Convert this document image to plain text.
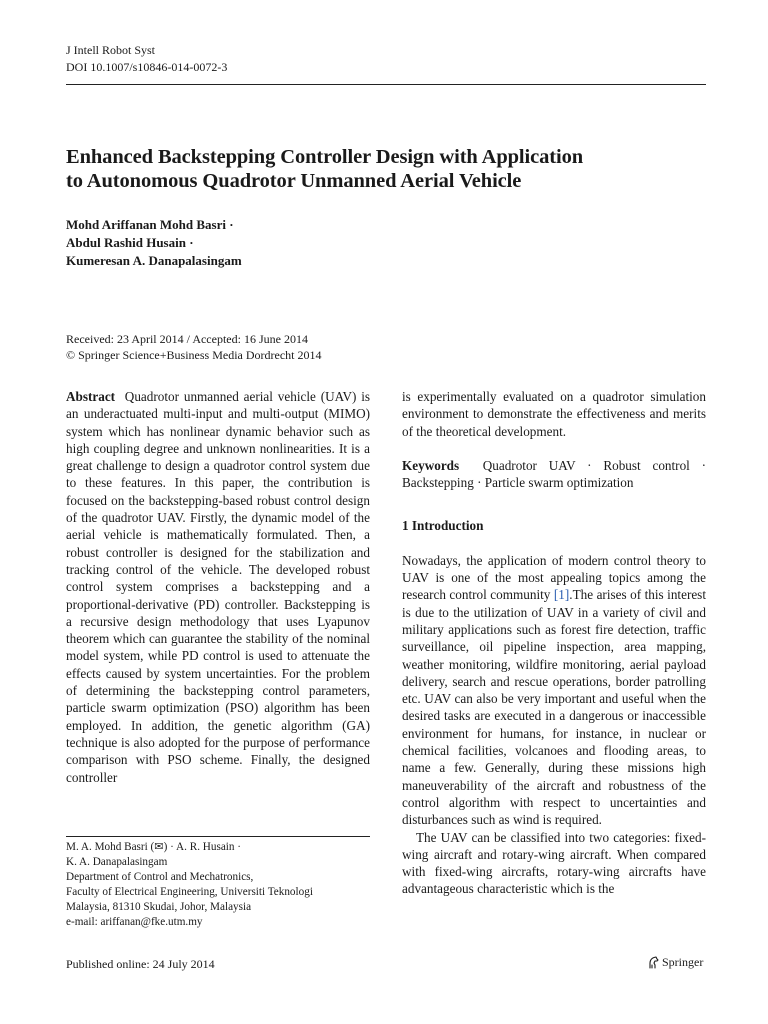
J Intell Robot Syst
DOI 10.1007/s10846-014-0072-3
Enhanced Backstepping Controller Design with Application
to Autonomous Quadrotor Unmanned Aerial Vehicle
Mohd Ariffanan Mohd Basri ·
Abdul Rashid Husain ·
Kumeresan A. Danapalasingam
Received: 23 April 2014 / Accepted: 16 June 2014
© Springer Science+Business Media Dordrecht 2014

Abstract Quadrotor unmanned aerial vehicle (UAV) is an underactuated multi-input and multi-output (MIMO) system which has nonlinear dynamic behavior such as high coupling degree and unknown nonlinearities. It is a great challenge to design a quadrotor control system due to these features. In this paper, the contribution is focused on the backstepping-based robust control design of the quadrotor UAV. Firstly, the dynamic model of the aerial vehicle is mathematically formulated. Then, a robust controller is designed for the stabilization and tracking control of the vehicle. The developed robust control system comprises a backstepping and a proportional-derivative (PD) controller. Backstepping is a recursive design methodology that uses Lyapunov theorem which can guarantee the stability of the nominal model system, while PD control is used to attenuate the effects caused by system uncertainties. For the problem of determining the backstepping control parameters, particle swarm optimization (PSO) algorithm has been employed. In addition, the genetic algorithm (GA) technique is also adopted for the purpose of performance comparison with PSO scheme. Finally, the designed controller

is experimentally evaluated on a quadrotor simulation environment to demonstrate the effectiveness and merits of the theoretical development.

Keywords Quadrotor UAV · Robust control · Backstepping · Particle swarm optimization

1 Introduction

Nowadays, the application of modern control theory to UAV is one of the most appealing topics among the research control community [1].The arises of this interest is due to the utilization of UAV in a variety of civil and military applications such as forest fire detection, traffic surveillance, oil pipeline inspection, area mapping, weather monitoring, wildfire monitoring, aerial payload delivery, search and rescue operations, border patrolling etc. UAV can also be very important and useful when the desired tasks are executed in a dangerous or inaccessible environment for humans, for instance, in nuclear or chemical facilities, volcanoes and flooding areas, to name a few. Generally, during these missions high maneuverability of the aircraft and robustness of the control algorithm with respect to uncertainties and disturbances such as wind is required.

The UAV can be classified into two categories: fixed-wing aircraft and rotary-wing aircraft. When compared with fixed-wing aircrafts, rotary-wing aircrafts have advantageous characteristic which is the

M. A. Mohd Basri (✉) · A. R. Husain ·
K. A. Danapalasingam
Department of Control and Mechatronics,
Faculty of Electrical Engineering, Universiti Teknologi
Malaysia, 81310 Skudai, Johor, Malaysia
e-mail: ariffanan@fke.utm.my
Published online: 24 July 2014	Springer
